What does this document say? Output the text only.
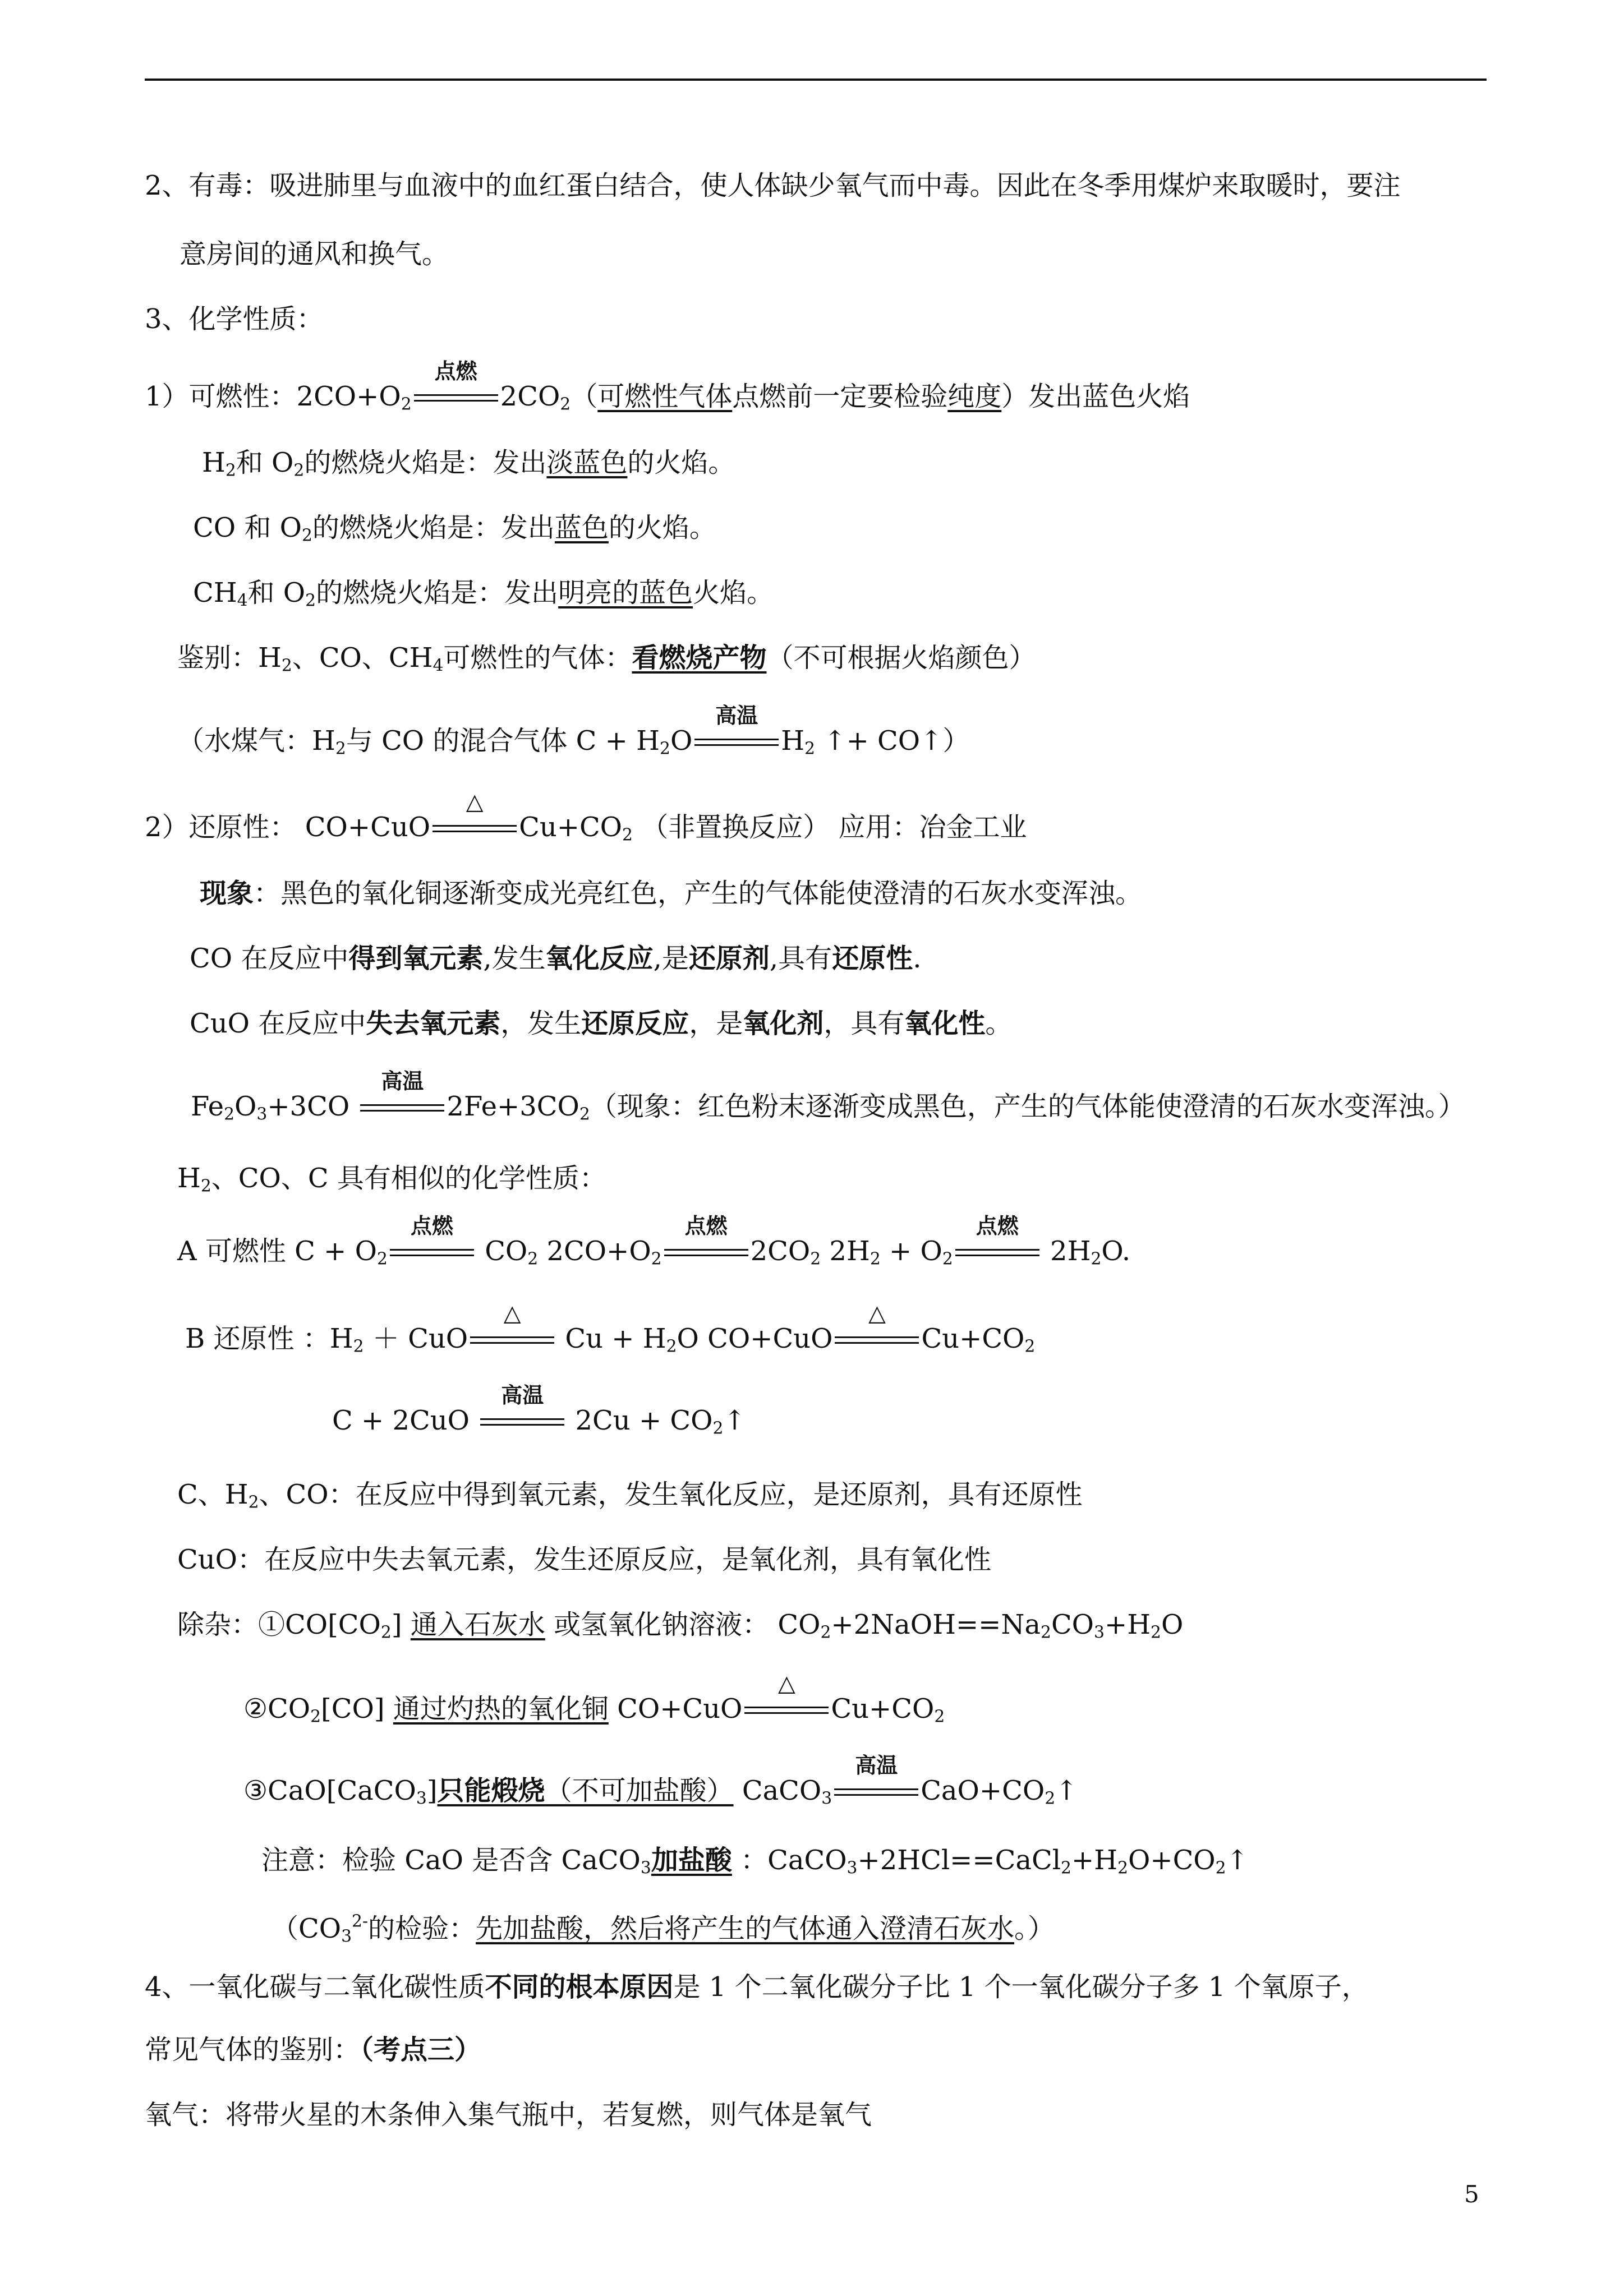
2、有毒：吸进肺里与血液中的血红蛋白结合，使人体缺少氧气而中毒。因此在冬季用煤炉来取暖时，要注
意房间的通风和换气。
3、化学性质：
1）可燃性：$2CO+O_2$
点燃
$2CO_2$（可燃性气体点燃前一定要检验纯度）发出蓝色火焰
$H_2$和 $O_2$的燃烧火焰是：发出淡蓝色的火焰。
CO 和 $O_2$的燃烧火焰是：发出蓝色的火焰。
$CH_4$和 $O_2$的燃烧火焰是：发出明亮的蓝色火焰。
鉴别：$H_2$、CO、$CH_4$可燃性的气体：看燃烧产物（不可根据火焰颜色）
（水煤气：$H_2$与 CO 的混合气体 $C + H_2O$
高温
$H_2$ ↑+ CO↑）
2）还原性： CO+CuO
△
$Cu+CO_2$ （非置换反应） 应用：冶金工业
现象：黑色的氧化铜逐渐变成光亮红色，产生的气体能使澄清的石灰水变浑浊。
CO 在反应中得到氧元素,发生氧化反应,是还原剂,具有还原性.
CuO 在反应中失去氧元素，发生还原反应，是氧化剂，具有氧化性。
$Fe_2O_3+3CO$
高温
$2Fe+3CO_2$（现象：红色粉末逐渐变成黑色，产生的气体能使澄清的石灰水变浑浊。）
$H_2$、CO、C 具有相似的化学性质：
A 可燃性 $C + O_2$
点燃
$CO_2$ $2CO+O_2$
点燃
$2CO_2$ $2H_2 + O_2$
点燃
$2H_2O$.
B 还原性 ：$H_2$ ＋ CuO
△
$Cu + H_2O$ CO+CuO
△
$Cu+CO_2$
C + 2CuO
高温
$2Cu + CO_2↑$
C、$H_2$、CO：在反应中得到氧元素，发生氧化反应，是还原剂，具有还原性
CuO：在反应中失去氧元素，发生还原反应，是氧化剂，具有氧化性
除杂：$①CO[CO_2]$ 通入石灰水 或氢氧化钠溶液： $CO_2+2NaOH==Na_2CO_3+H_2O$
$②CO_2[CO]$ 通过灼热的氧化铜 CO+CuO
△
$Cu+CO_2$
③CaO[CaCO$_3$]只能煅烧（不可加盐酸） CaCO$_3$
高温
$CaO+CO_2↑$
注意：检验 CaO 是否含 CaCO$_3$加盐酸 ：$CaCO_3+2HCl==CaCl_2+H_2O+CO_2↑$
（$CO_3^{2-}$的检验：先加盐酸，然后将产生的气体通入澄清石灰水。）
4、一氧化碳与二氧化碳性质不同的根本原因是 1 个二氧化碳分子比 1 个一氧化碳分子多 1 个氧原子，
常见气体的鉴别：（考点三）
氧气：将带火星的木条伸入集气瓶中，若复燃，则气体是氧气
5
